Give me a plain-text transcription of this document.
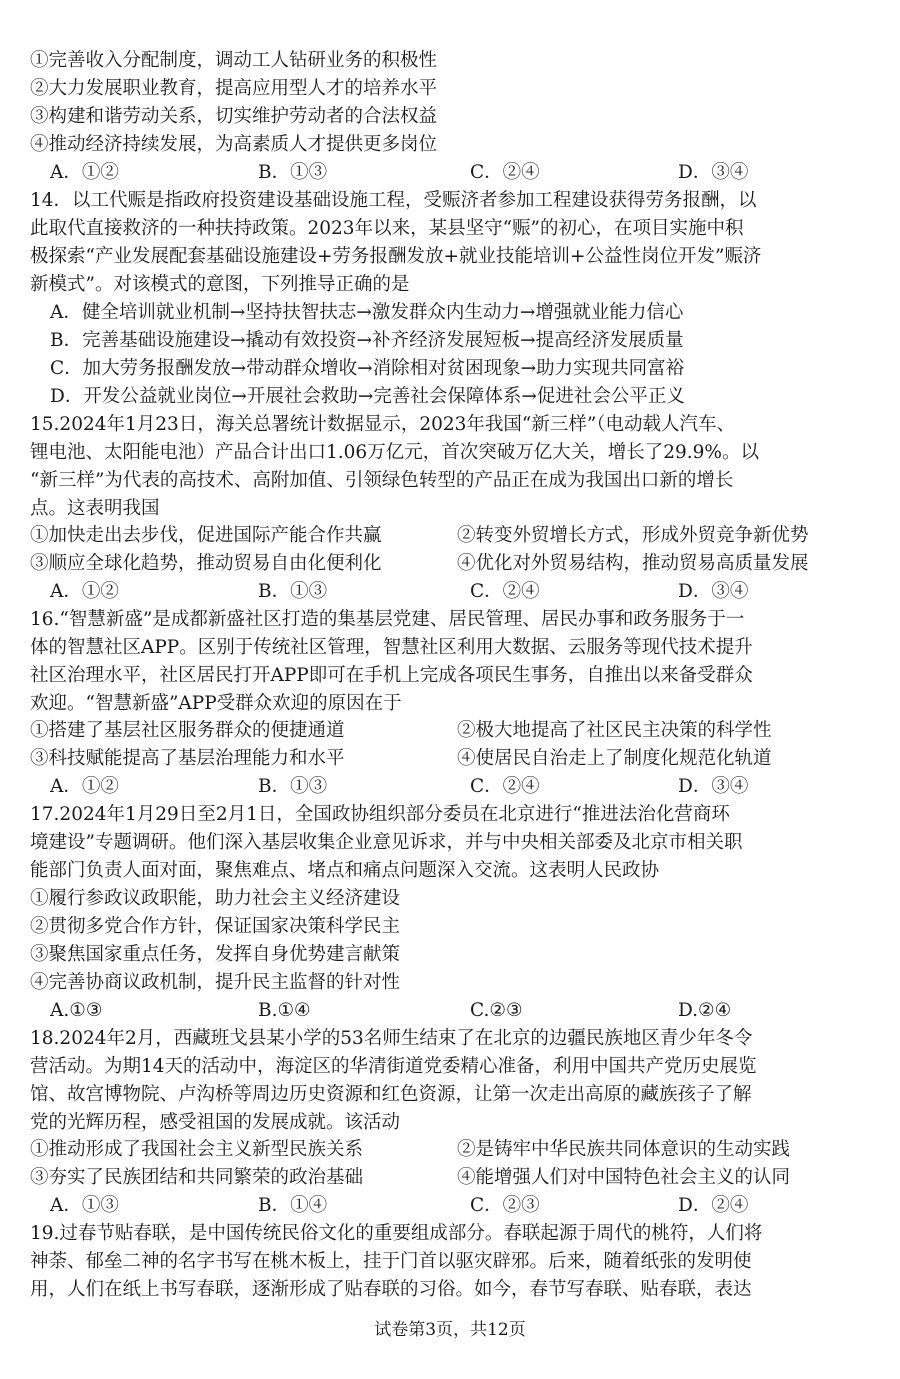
①完善收入分配制度，调动工人钻研业务的积极性
②大力发展职业教育，提高应用型人才的培养水平
③构建和谐劳动关系，切实维护劳动者的合法权益
④推动经济持续发展，为高素质人才提供更多岗位
A．①②	B．①③	C．②④	D．③④
14．以工代赈是指政府投资建设基础设施工程，受赈济者参加工程建设获得劳务报酬，以
此取代直接救济的一种扶持政策。2023年以来，某县坚守“赈”的初心，在项目实施中积
极探索“产业发展配套基础设施建设+劳务报酬发放+就业技能培训+公益性岗位开发”赈济
新模式”。对该模式的意图，下列推导正确的是
A．健全培训就业机制→坚持扶智扶志→激发群众内生动力→增强就业能力信心
B．完善基础设施建设→撬动有效投资→补齐经济发展短板→提高经济发展质量
C．加大劳务报酬发放→带动群众增收→消除相对贫困现象→助力实现共同富裕
D．开发公益就业岗位→开展社会救助→完善社会保障体系→促进社会公平正义
15.2024年1月23日，海关总署统计数据显示，2023年我国“新三样”（电动载人汽车、
锂电池、太阳能电池）产品合计出口1.06万亿元，首次突破万亿大关，增长了29.9%。以
“新三样”为代表的高技术、高附加值、引领绿色转型的产品正在成为我国出口新的增长
点。这表明我国
①加快走出去步伐，促进国际产能合作共赢	②转变外贸增长方式，形成外贸竞争新优势
③顺应全球化趋势，推动贸易自由化便利化	④优化对外贸易结构，推动贸易高质量发展
A．①②	B．①③	C．②④	D．③④
16.“智慧新盛”是成都新盛社区打造的集基层党建、居民管理、居民办事和政务服务于一
体的智慧社区APP。区别于传统社区管理，智慧社区利用大数据、云服务等现代技术提升
社区治理水平，社区居民打开APP即可在手机上完成各项民生事务，自推出以来备受群众
欢迎。“智慧新盛”APP受群众欢迎的原因在于
①搭建了基层社区服务群众的便捷通道	②极大地提高了社区民主决策的科学性
③科技赋能提高了基层治理能力和水平	④使居民自治走上了制度化规范化轨道
A．①②	B．①③	C．②④	D．③④
17.2024年1月29日至2月1日，全国政协组织部分委员在北京进行“推进法治化营商环
境建设”专题调研。他们深入基层收集企业意见诉求，并与中央相关部委及北京市相关职
能部门负责人面对面，聚焦难点、堵点和痛点问题深入交流。这表明人民政协
①履行参政议政职能，助力社会主义经济建设
②贯彻多党合作方针，保证国家决策科学民主
③聚焦国家重点任务，发挥自身优势建言献策
④完善协商议政机制，提升民主监督的针对性
A.①③	B.①④	C.②③	D.②④
18.2024年2月，西藏班戈县某小学的53名师生结束了在北京的边疆民族地区青少年冬令
营活动。为期14天的活动中，海淀区的华清街道党委精心准备，利用中国共产党历史展览
馆、故宫博物院、卢沟桥等周边历史资源和红色资源，让第一次走出高原的藏族孩子了解
党的光辉历程，感受祖国的发展成就。该活动
①推动形成了我国社会主义新型民族关系	②是铸牢中华民族共同体意识的生动实践
③夯实了民族团结和共同繁荣的政治基础	④能增强人们对中国特色社会主义的认同
A．①③	B．①④	C．②③	D．②④
19.过春节贴春联，是中国传统民俗文化的重要组成部分。春联起源于周代的桃符，人们将
神荼、郁垒二神的名字书写在桃木板上，挂于门首以驱灾辟邪。后来，随着纸张的发明使
用，人们在纸上书写春联，逐渐形成了贴春联的习俗。如今，春节写春联、贴春联，表达
试卷第3页，共12页
